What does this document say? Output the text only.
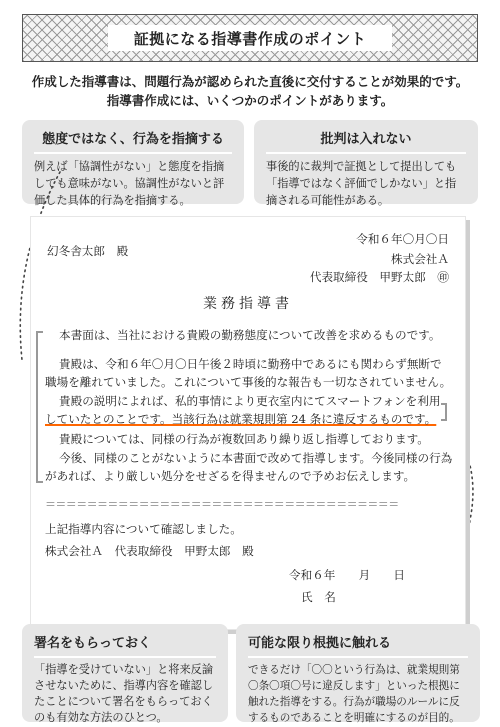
証拠になる指導書作成のポイント
作成した指導書は、問題行為が認められた直後に交付することが効果的です。
指導書作成には、いくつかのポイントがあります。
態度ではなく、行為を指摘する
例えば「協調性がない」と態度を指摘
しても意味がない。協調性がないと評
価した具体的行為を指摘する。
批判は入れない
事後的に裁判で証拠として提出しても
「指導ではなく評価でしかない」と指
摘される可能性がある。
幻冬舎太郎　殿
令和６年〇月〇日
株式会社Ａ
代表取締役　甲野太郎　㊞
業務指導書
本書面は、当社における貴殿の勤務態度について改善を求めるものです。
貴殿は、令和６年〇月〇日午後２時頃に勤務中であるにも関わらず無断で
職場を離れていました。これについて事後的な報告も一切なされていません。
貴殿の説明によれば、私的事情により更衣室内にてスマートフォンを利用
していたとのことです。当該行為は就業規則第 24 条に違反するものです。
貴殿については、同様の行為が複数回あり繰り返し指導しております。
今後、同様のことがないように本書面で改めて指導します。今後同様の行為
があれば、より厳しい処分をせざるを得ませんので予めお伝えします。
＝＝＝＝＝＝＝＝＝＝＝＝＝＝＝＝＝＝＝＝＝＝＝＝＝＝＝＝＝＝＝＝＝＝
上記指導内容について確認しました。
株式会社Ａ　代表取締役　甲野太郎　殿
令和６年　　月　　日
氏　名
署名をもらっておく
「指導を受けていない」と将来反論
させないために、指導内容を確認し
たことについて署名をもらっておく
のも有効な方法のひとつ。
可能な限り根拠に触れる
できるだけ「〇〇という行為は、就業規則第
〇条〇項〇号に違反します」といった根拠に
触れた指導をする。行為が職場のルールに反
するものであることを明確にするのが目的。
